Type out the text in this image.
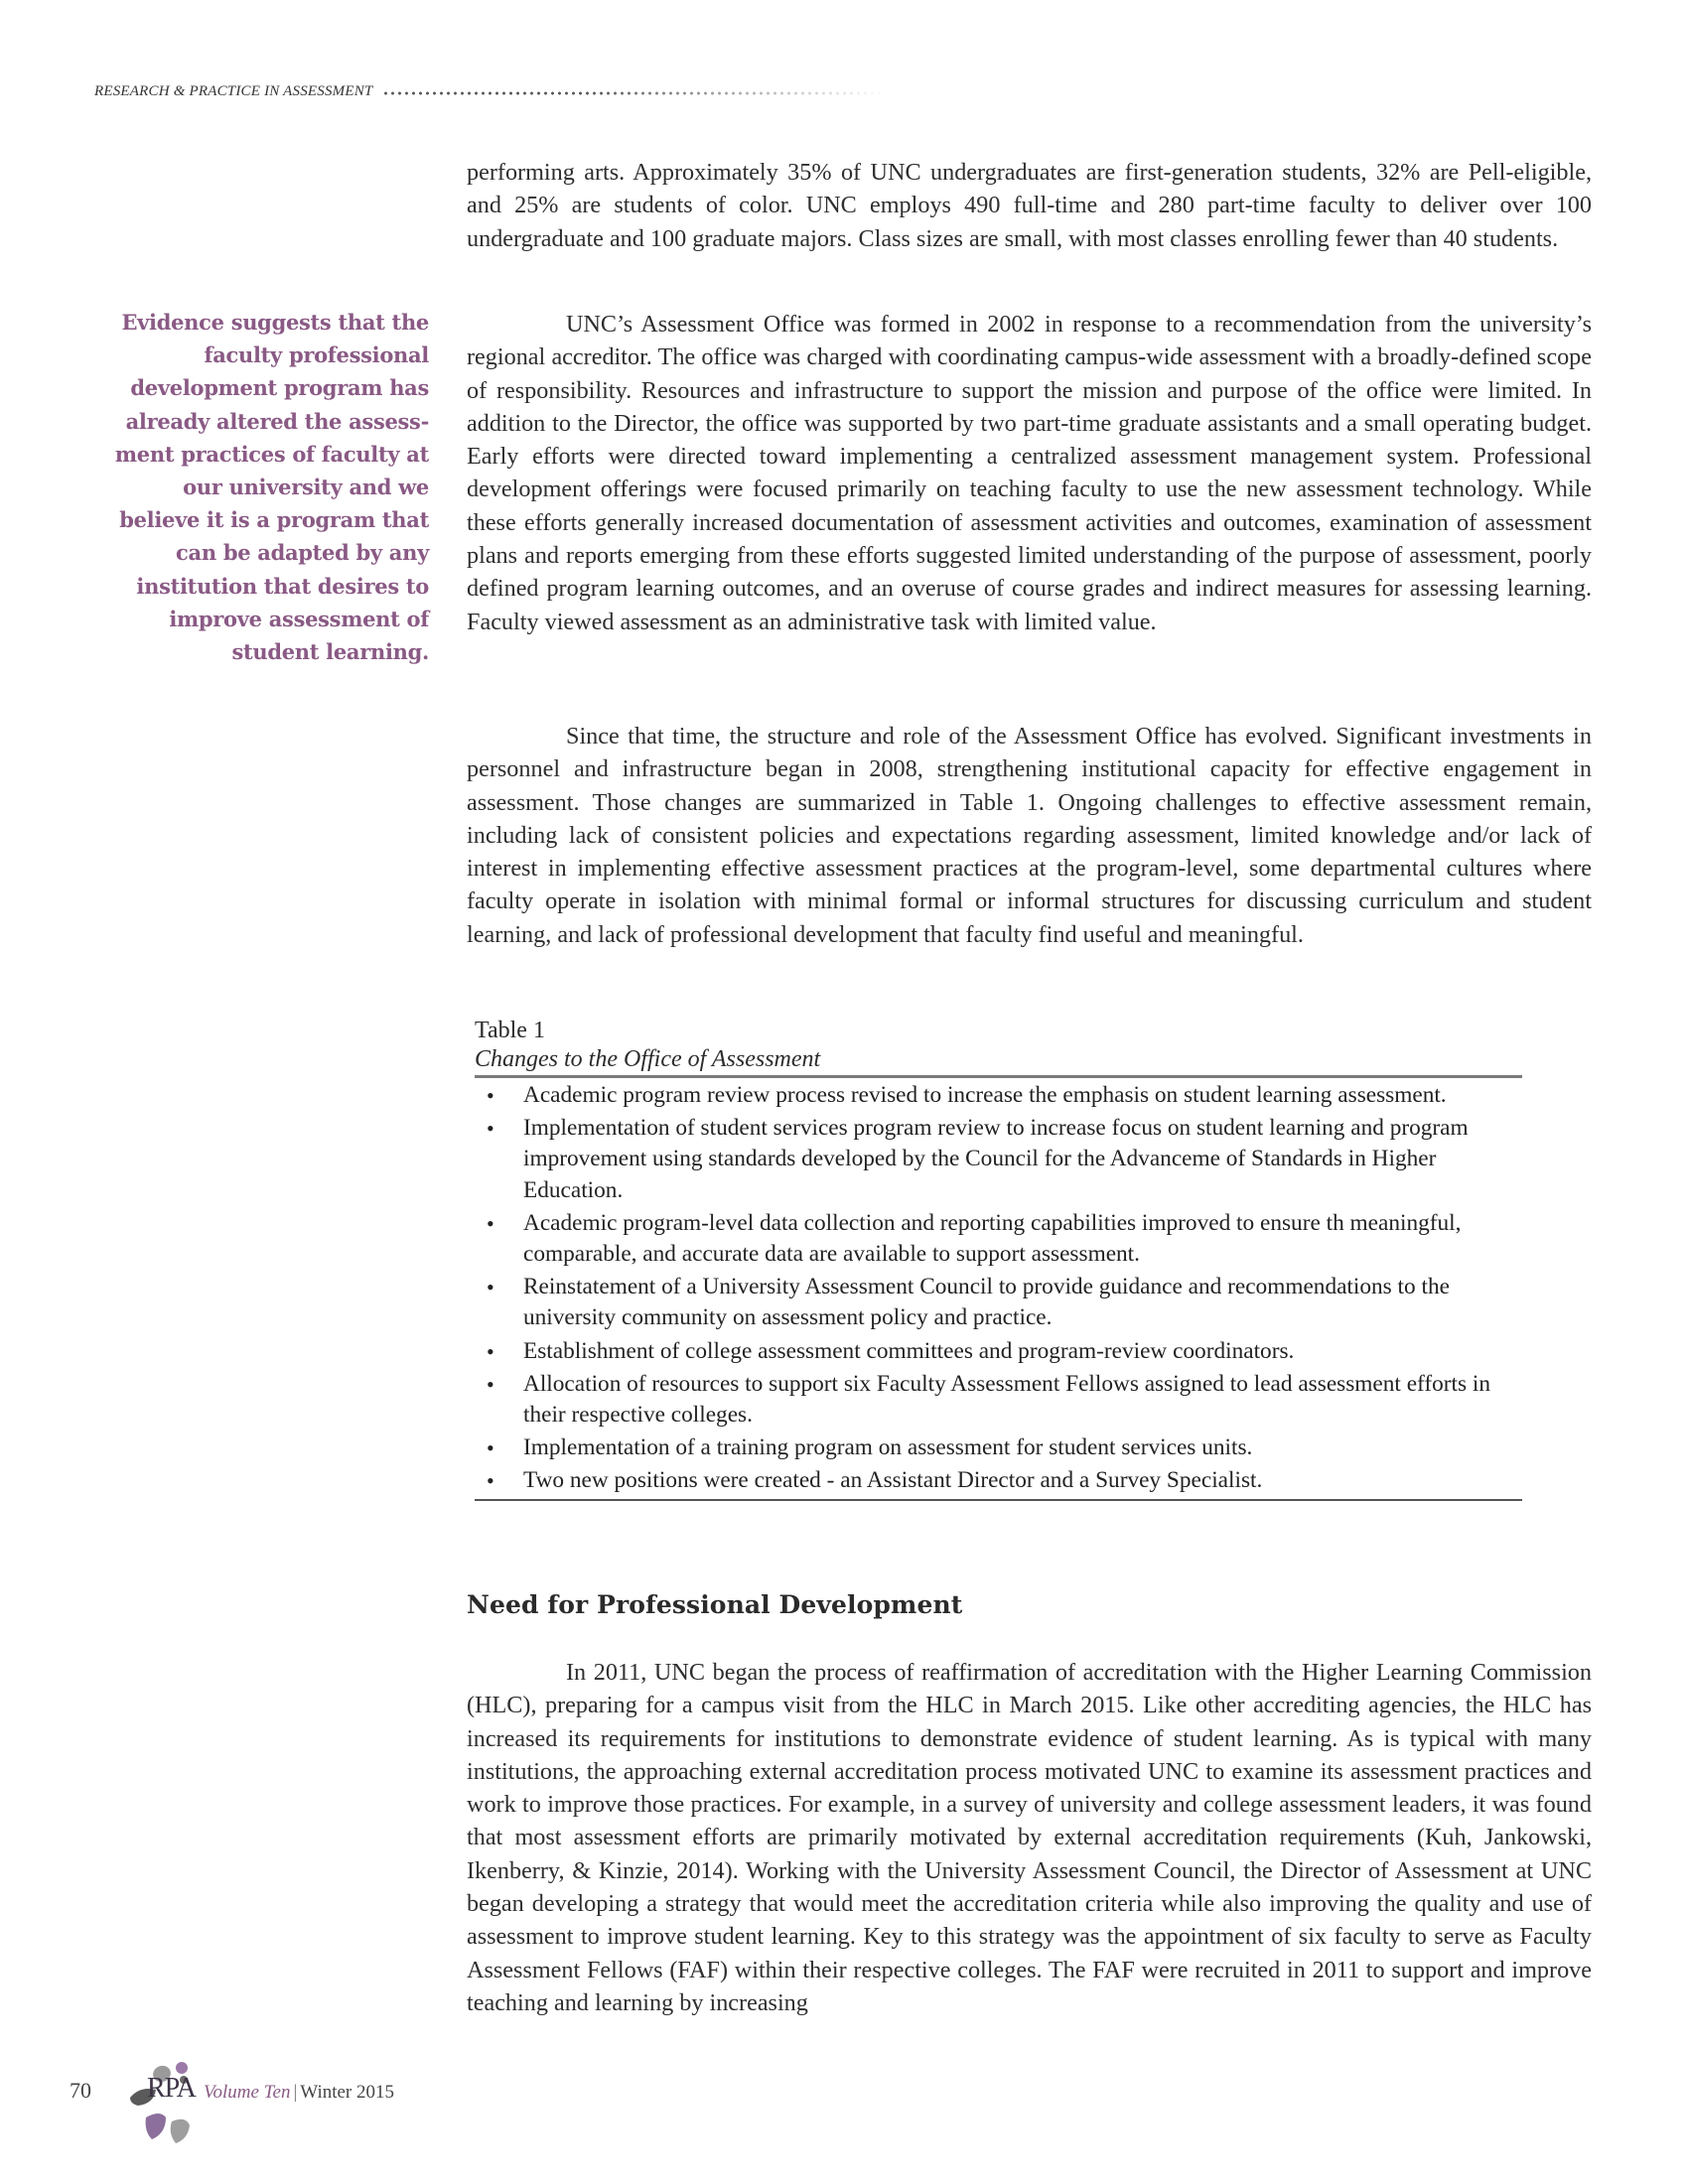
RESEARCH & PRACTICE IN ASSESSMENT
Evidence suggests that the faculty professional development program has already altered the assess-ment practices of faculty at our university and we believe it is a program that can be adapted by any institution that desires to improve assessment of student learning.

performing arts. Approximately 35% of UNC undergraduates are first-generation students, 32% are Pell-eligible, and 25% are students of color. UNC employs 490 full-time and 280 part-time faculty to deliver over 100 undergraduate and 100 graduate majors. Class sizes are small, with most classes enrolling fewer than 40 students.

UNC’s Assessment Office was formed in 2002 in response to a recommendation from the university’s regional accreditor. The office was charged with coordinating campus-wide assessment with a broadly-defined scope of responsibility. Resources and infrastructure to support the mission and purpose of the office were limited. In addition to the Director, the office was supported by two part-time graduate assistants and a small operating budget. Early efforts were directed toward implementing a centralized assessment management system. Professional development offerings were focused primarily on teaching faculty to use the new assessment technology. While these efforts generally increased documentation of assessment activities and outcomes, examination of assessment plans and reports emerging from these efforts suggested limited understanding of the purpose of assessment, poorly defined program learning outcomes, and an overuse of course grades and indirect measures for assessing learning. Faculty viewed assessment as an administrative task with limited value.

Since that time, the structure and role of the Assessment Office has evolved. Significant investments in personnel and infrastructure began in 2008, strengthening institutional capacity for effective engagement in assessment. Those changes are summarized in Table 1. Ongoing challenges to effective assessment remain, including lack of consistent policies and expectations regarding assessment, limited knowledge and/or lack of interest in implementing effective assessment practices at the program-level, some departmental cultures where faculty operate in isolation with minimal formal or informal structures for discussing curriculum and student learning, and lack of professional development that faculty find useful and meaningful.

Table 1
Changes to the Office of Assessment
• Academic program review process revised to increase the emphasis on student learning assessment.
• Implementation of student services program review to increase focus on student learning and program improvement using standards developed by the Council for the Advanceme of Standards in Higher Education.
• Academic program-level data collection and reporting capabilities improved to ensure th meaningful, comparable, and accurate data are available to support assessment.
• Reinstatement of a University Assessment Council to provide guidance and recommendations to the university community on assessment policy and practice.
• Establishment of college assessment committees and program-review coordinators.
• Allocation of resources to support six Faculty Assessment Fellows assigned to lead assessment efforts in their respective colleges.
• Implementation of a training program on assessment for student services units.
• Two new positions were created - an Assistant Director and a Survey Specialist.
Need for Professional Development

In 2011, UNC began the process of reaffirmation of accreditation with the Higher Learning Commission (HLC), preparing for a campus visit from the HLC in March 2015. Like other accrediting agencies, the HLC has increased its requirements for institutions to demonstrate evidence of student learning. As is typical with many institutions, the approaching external accreditation process motivated UNC to examine its assessment practices and work to improve those practices. For example, in a survey of university and college assessment leaders, it was found that most assessment efforts are primarily motivated by external accreditation requirements (Kuh, Jankowski, Ikenberry, & Kinzie, 2014). Working with the University Assessment Council, the Director of Assessment at UNC began developing a strategy that would meet the accreditation criteria while also improving the quality and use of assessment to improve student learning. Key to this strategy was the appointment of six faculty to serve as Faculty Assessment Fellows (FAF) within their respective colleges. The FAF were recruited in 2011 to support and improve teaching and learning by increasing

70 RPA Volume Ten | Winter 2015
